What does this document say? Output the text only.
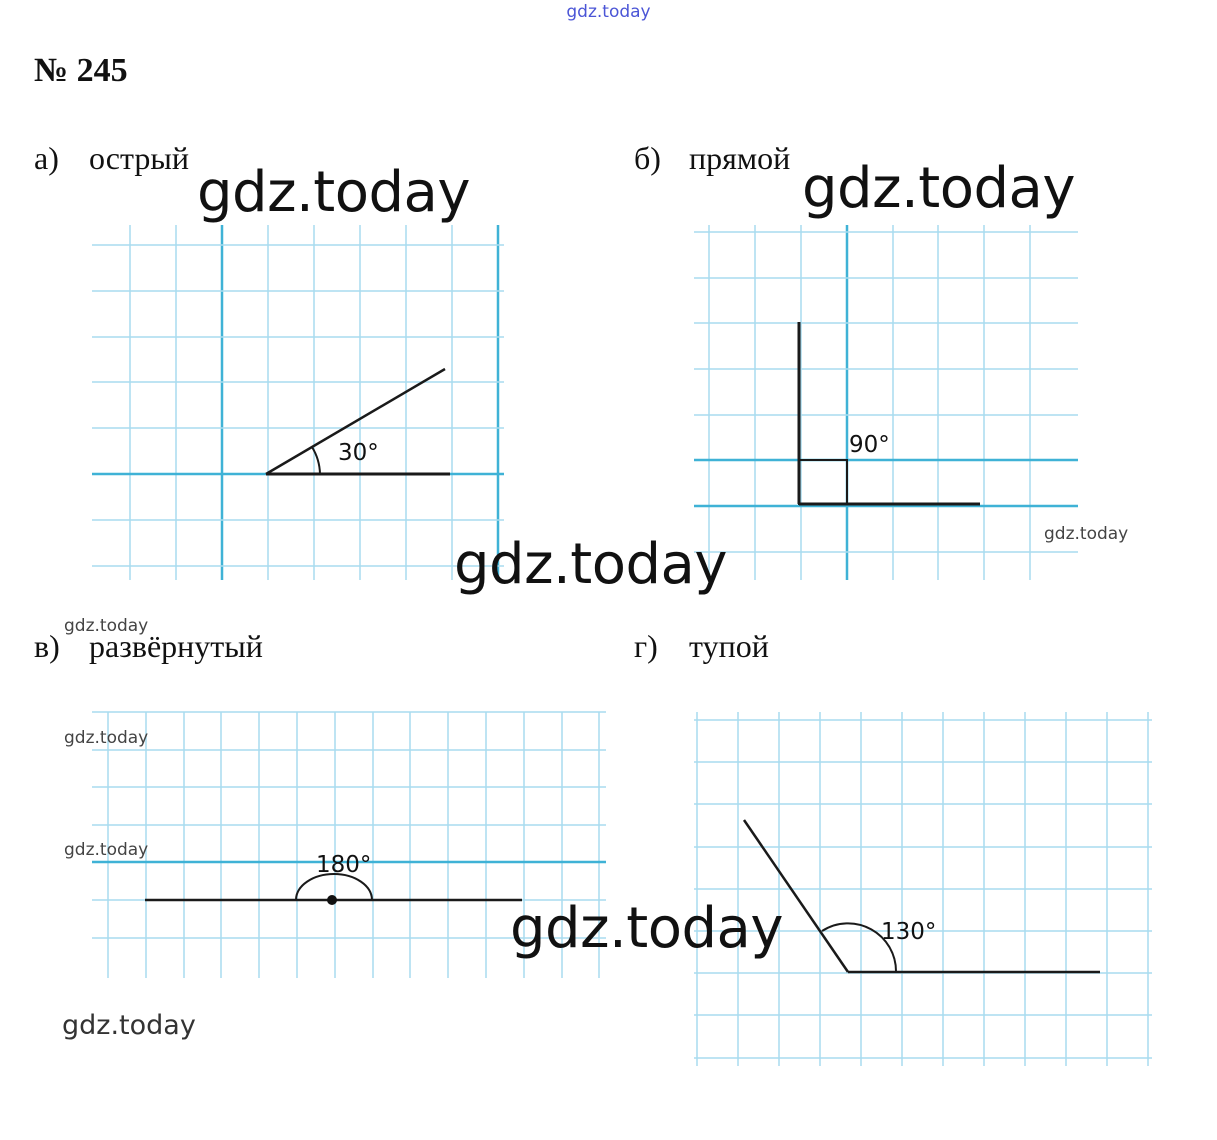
gdz.today
№ 245
а) острый	б) прямой
в) развёрнутый	г) тупой
30°	90°
180°
130°
gdz.today	gdz.today
gdz.today
gdz.today
gdz.today
gdz.today
gdz.today
gdz.today
gdz.today
